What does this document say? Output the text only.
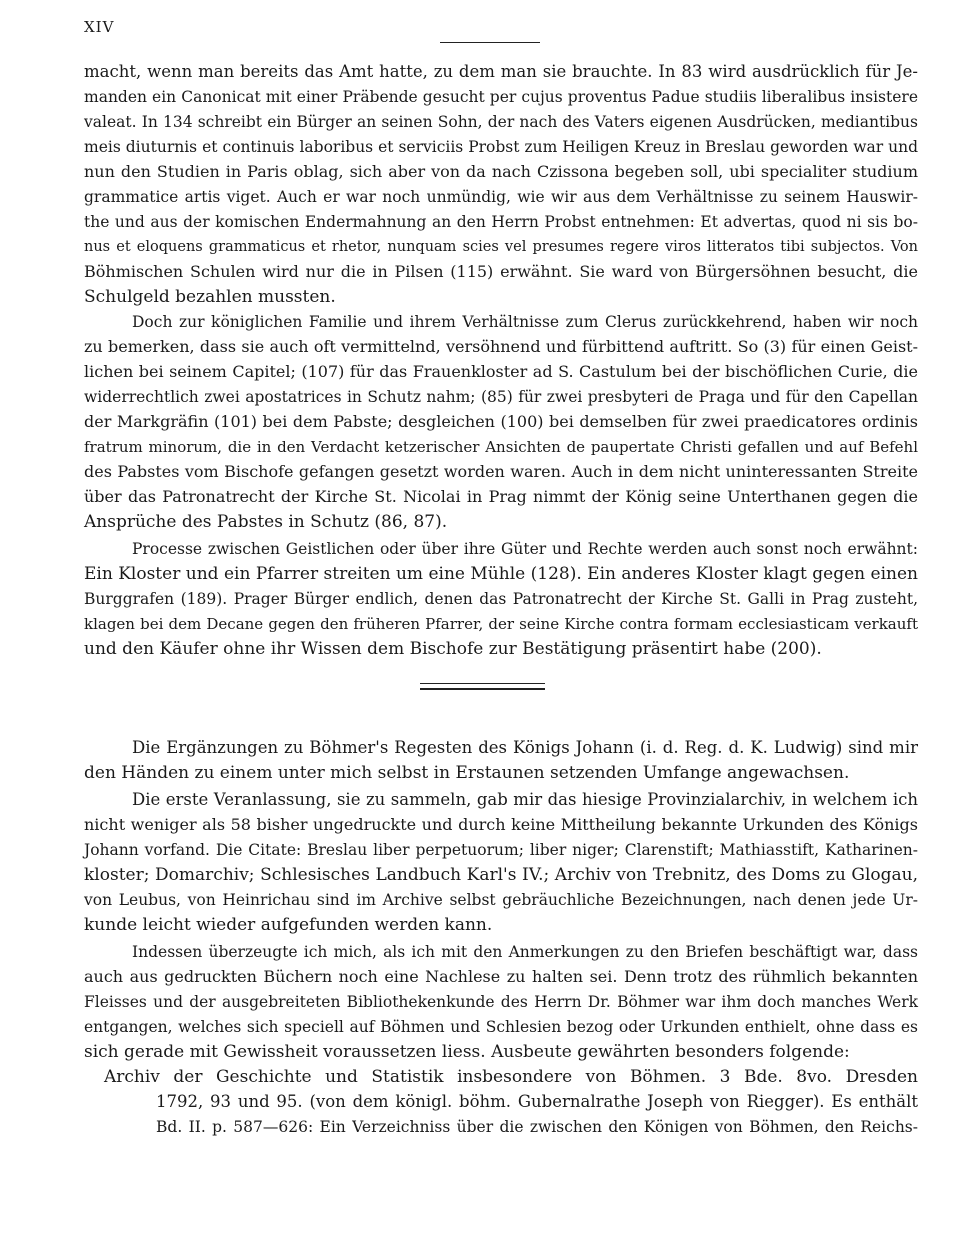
XIV
macht, wenn man bereits das Amt hatte, zu dem man sie brauchte. In 83 wird ausdrücklich für Je-
manden ein Canonicat mit einer Präbende gesucht per cujus proventus Padue studiis liberalibus insistere
valeat. In 134 schreibt ein Bürger an seinen Sohn, der nach des Vaters eigenen Ausdrücken, mediantibus
meis diuturnis et continuis laboribus et serviciis Probst zum Heiligen Kreuz in Breslau geworden war und
nun den Studien in Paris oblag, sich aber von da nach Czissona begeben soll, ubi specialiter studium
grammatice artis viget. Auch er war noch unmündig, wie wir aus dem Verhältnisse zu seinem Hauswir-
the und aus der komischen Endermahnung an den Herrn Probst entnehmen: Et advertas, quod ni sis bo-
nus et eloquens grammaticus et rhetor, nunquam scies vel presumes regere viros litteratos tibi subjectos. Von
Böhmischen Schulen wird nur die in Pilsen (115) erwähnt. Sie ward von Bürgersöhnen besucht, die
Schulgeld bezahlen mussten.
Doch zur königlichen Familie und ihrem Verhältnisse zum Clerus zurückkehrend, haben wir noch
zu bemerken, dass sie auch oft vermittelnd, versöhnend und fürbittend auftritt. So (3) für einen Geist-
lichen bei seinem Capitel; (107) für das Frauenkloster ad S. Castulum bei der bischöflichen Curie, die
widerrechtlich zwei apostatrices in Schutz nahm; (85) für zwei presbyteri de Praga und für den Capellan
der Markgräfin (101) bei dem Pabste; desgleichen (100) bei demselben für zwei praedicatores ordinis
fratrum minorum, die in den Verdacht ketzerischer Ansichten de paupertate Christi gefallen und auf Befehl
des Pabstes vom Bischofe gefangen gesetzt worden waren. Auch in dem nicht uninteressanten Streite
über das Patronatrecht der Kirche St. Nicolai in Prag nimmt der König seine Unterthanen gegen die
Ansprüche des Pabstes in Schutz (86, 87).
Processe zwischen Geistlichen oder über ihre Güter und Rechte werden auch sonst noch erwähnt:
Ein Kloster und ein Pfarrer streiten um eine Mühle (128). Ein anderes Kloster klagt gegen einen
Burggrafen (189). Prager Bürger endlich, denen das Patronatrecht der Kirche St. Galli in Prag zusteht,
klagen bei dem Decane gegen den früheren Pfarrer, der seine Kirche contra formam ecclesiasticam verkauft
und den Käufer ohne ihr Wissen dem Bischofe zur Bestätigung präsentirt habe (200).
Die Ergänzungen zu Böhmer's Regesten des Königs Johann (i. d. Reg. d. K. Ludwig) sind mir
den Händen zu einem unter mich selbst in Erstaunen setzenden Umfange angewachsen.
Die erste Veranlassung, sie zu sammeln, gab mir das hiesige Provinzialarchiv, in welchem ich
nicht weniger als 58 bisher ungedruckte und durch keine Mittheilung bekannte Urkunden des Königs
Johann vorfand. Die Citate: Breslau liber perpetuorum; liber niger; Clarenstift; Mathiasstift, Katharinen-
kloster; Domarchiv; Schlesisches Landbuch Karl's IV.; Archiv von Trebnitz, des Doms zu Glogau,
von Leubus, von Heinrichau sind im Archive selbst gebräuchliche Bezeichnungen, nach denen jede Ur-
kunde leicht wieder aufgefunden werden kann.
Indessen überzeugte ich mich, als ich mit den Anmerkungen zu den Briefen beschäftigt war, dass
auch aus gedruckten Büchern noch eine Nachlese zu halten sei. Denn trotz des rühmlich bekannten
Fleisses und der ausgebreiteten Bibliothekenkunde des Herrn Dr. Böhmer war ihm doch manches Werk
entgangen, welches sich speciell auf Böhmen und Schlesien bezog oder Urkunden enthielt, ohne dass es
sich gerade mit Gewissheit voraussetzen liess. Ausbeute gewährten besonders folgende:
Archiv der Geschichte und Statistik insbesondere von Böhmen. 3 Bde. 8vo. Dresden
1792, 93 und 95. (von dem königl. böhm. Gubernalrathe Joseph von Riegger). Es enthält
Bd. II. p. 587—626: Ein Verzeichniss über die zwischen den Königen von Böhmen, den Reichs-
